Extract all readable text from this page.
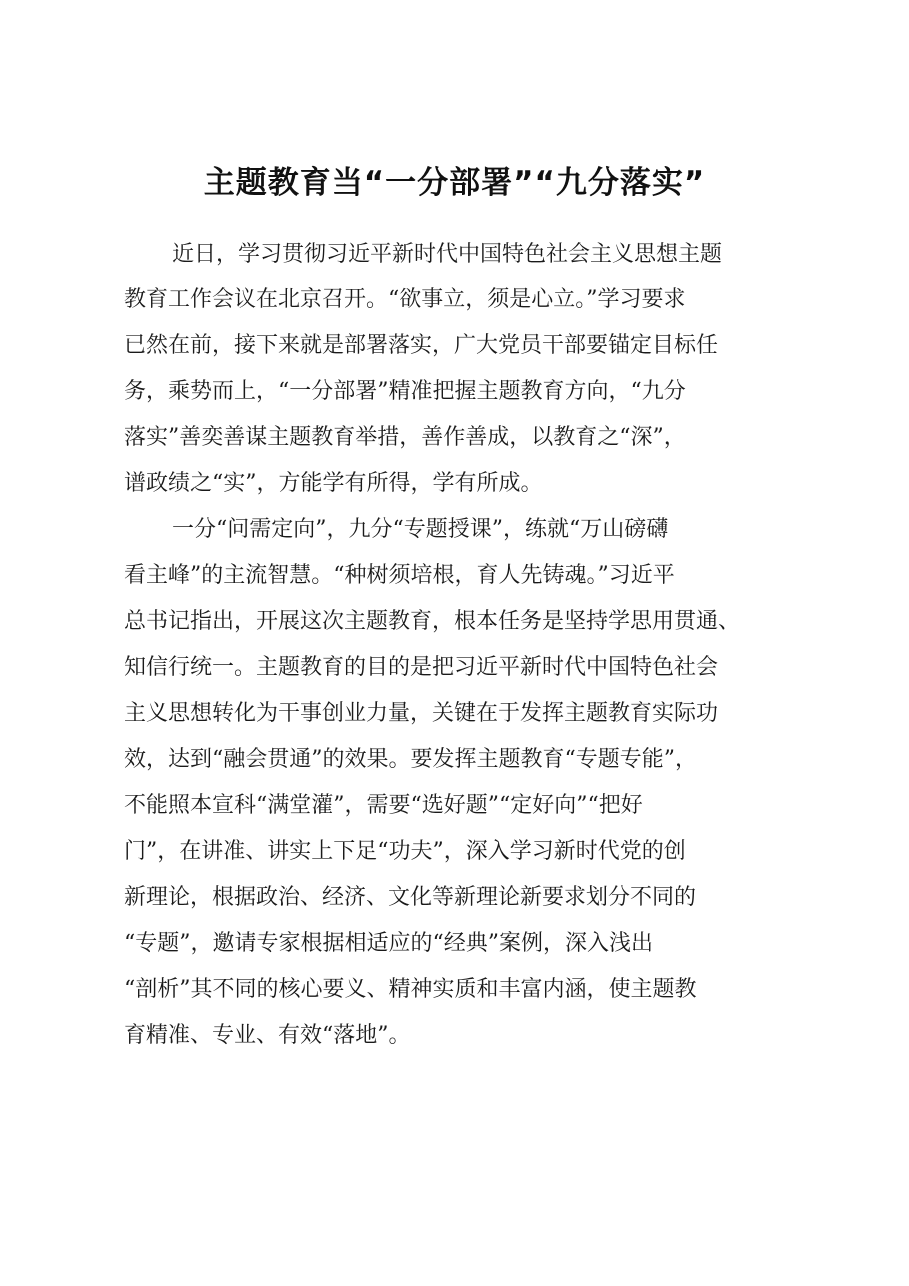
主题教育当“一分部署”“九分落实”

近日，学习贯彻习近平新时代中国特色社会主义思想主题

教育工作会议在北京召开。“欲事立，须是心立。”学习要求

已然在前，接下来就是部署落实，广大党员干部要锚定目标任

务，乘势而上，“一分部署”精准把握主题教育方向，“九分

落实”善奕善谋主题教育举措，善作善成，以教育之“深”，

谱政绩之“实”，方能学有所得，学有所成。

一分“问需定向”，九分“专题授课”，练就“万山磅礴

看主峰”的主流智慧。“种树须培根，育人先铸魂。”习近平

总书记指出，开展这次主题教育，根本任务是坚持学思用贯通、

知信行统一。主题教育的目的是把习近平新时代中国特色社会

主义思想转化为干事创业力量，关键在于发挥主题教育实际功

效，达到“融会贯通”的效果。要发挥主题教育“专题专能”，

不能照本宣科“满堂灌”，需要“选好题”“定好向”“把好

门”，在讲准、讲实上下足“功夫”，深入学习新时代党的创

新理论，根据政治、经济、文化等新理论新要求划分不同的

“专题”，邀请专家根据相适应的“经典”案例，深入浅出

“剖析”其不同的核心要义、精神实质和丰富内涵，使主题教

育精准、专业、有效“落地”。
